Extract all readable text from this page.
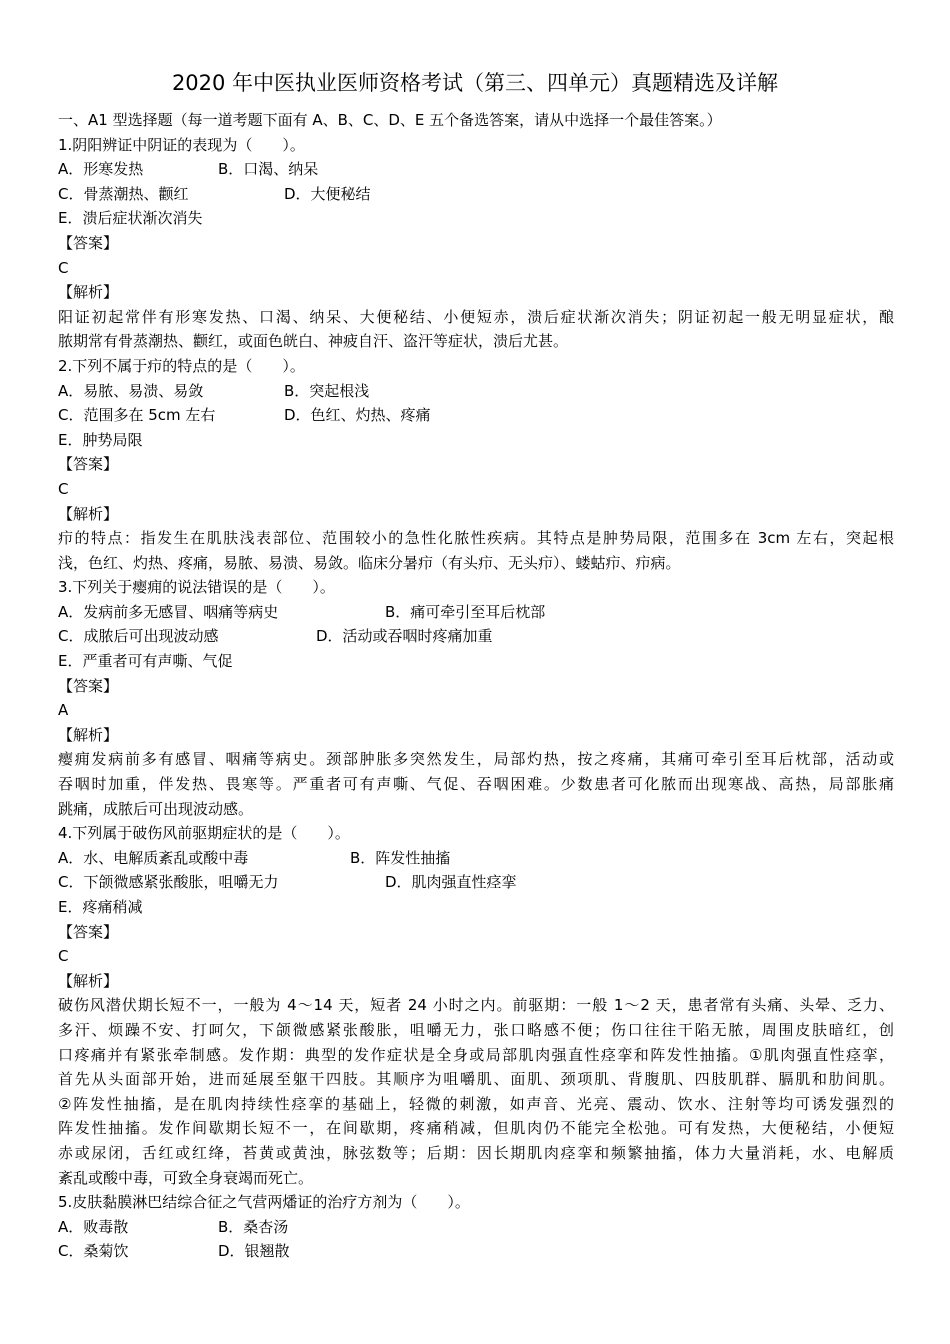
2020 年中医执业医师资格考试（第三、四单元）真题精选及详解
一、A1 型选择题（每一道考题下面有 A、B、C、D、E 五个备选答案，请从中选择一个最佳答案。）
1.阴阳辨证中阴证的表现为（　　）。
A．形寒发热	B．口渴、纳呆
C．骨蒸潮热、颧红	D．大便秘结
E．溃后症状渐次消失
【答案】
C
【解析】
阳证初起常伴有形寒发热、口渴、纳呆、大便秘结、小便短赤，溃后症状渐次消失；阴证初起一般无明显症状，酿
脓期常有骨蒸潮热、颧红，或面色㿠白、神疲自汗、盗汗等症状，溃后尤甚。
2.下列不属于疖的特点的是（　　）。
A．易脓、易溃、易敛	B．突起根浅
C．范围多在 5cm 左右	D．色红、灼热、疼痛
E．肿势局限
【答案】
C
【解析】
疖的特点：指发生在肌肤浅表部位、范围较小的急性化脓性疾病。其特点是肿势局限，范围多在 3cm 左右，突起根
浅，色红、灼热、疼痛，易脓、易溃、易敛。临床分暑疖（有头疖、无头疖）、蝼蛄疖、疖病。
3.下列关于瘿痈的说法错误的是（　　）。
A．发病前多无感冒、咽痛等病史	B．痛可牵引至耳后枕部
C．成脓后可出现波动感	D．活动或吞咽时疼痛加重
E．严重者可有声嘶、气促
【答案】
A
【解析】
瘿痈发病前多有感冒、咽痛等病史。颈部肿胀多突然发生，局部灼热，按之疼痛，其痛可牵引至耳后枕部，活动或
吞咽时加重，伴发热、畏寒等。严重者可有声嘶、气促、吞咽困难。少数患者可化脓而出现寒战、高热，局部胀痛
跳痛，成脓后可出现波动感。
4.下列属于破伤风前驱期症状的是（　　）。
A．水、电解质紊乱或酸中毒	B．阵发性抽搐
C．下颌微感紧张酸胀，咀嚼无力	D．肌肉强直性痉挛
E．疼痛稍减
【答案】
C
【解析】
破伤风潜伏期长短不一，一般为 4～14 天，短者 24 小时之内。前驱期：一般 1～2 天，患者常有头痛、头晕、乏力、
多汗、烦躁不安、打呵欠，下颌微感紧张酸胀，咀嚼无力，张口略感不便；伤口往往干陷无脓，周围皮肤暗红，创
口疼痛并有紧张牵制感。发作期：典型的发作症状是全身或局部肌肉强直性痉挛和阵发性抽搐。①肌肉强直性痉挛，
首先从头面部开始，进而延展至躯干四肢。其顺序为咀嚼肌、面肌、颈项肌、背腹肌、四肢肌群、膈肌和肋间肌。
②阵发性抽搐，是在肌肉持续性痉挛的基础上，轻微的刺激，如声音、光亮、震动、饮水、注射等均可诱发强烈的
阵发性抽搐。发作间歇期长短不一，在间歇期，疼痛稍减，但肌肉仍不能完全松弛。可有发热，大便秘结，小便短
赤或尿闭，舌红或红绛，苔黄或黄浊，脉弦数等；后期：因长期肌肉痉挛和频繁抽搐，体力大量消耗，水、电解质
紊乱或酸中毒，可致全身衰竭而死亡。
5.皮肤黏膜淋巴结综合征之气营两燔证的治疗方剂为（　　）。
A．败毒散	B．桑杏汤
C．桑菊饮	D．银翘散
